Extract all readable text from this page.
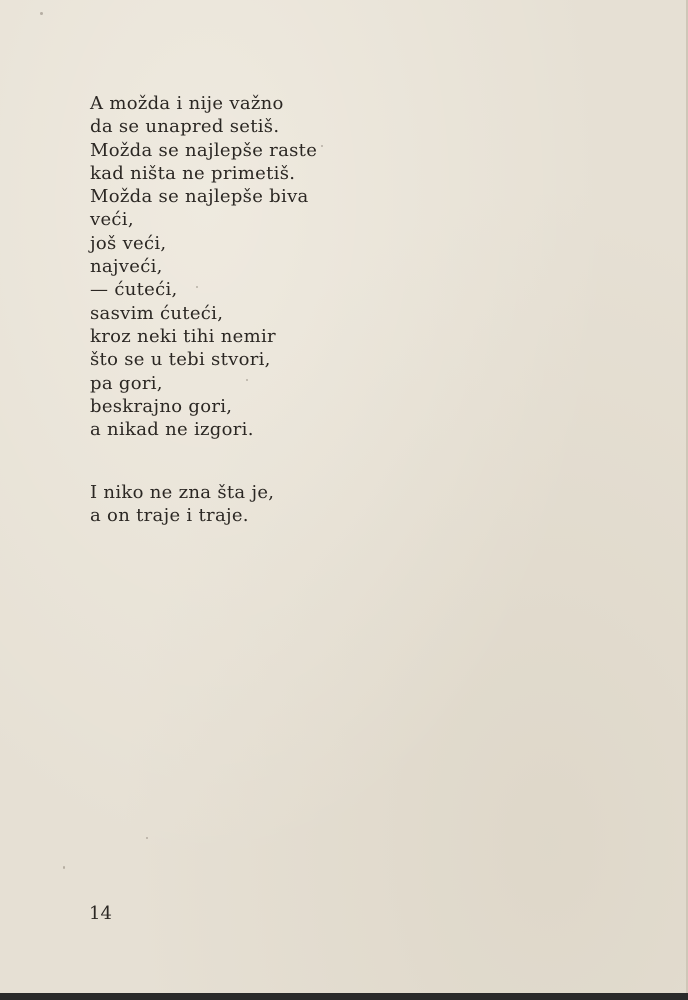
A možda i nije važno
da se unapred setiš.
Možda se najlepše raste
kad ništa ne primetiš.
Možda se najlepše biva
veći,
još veći,
najveći,
— ćuteći,
sasvim ćuteći,
kroz neki tihi nemir
što se u tebi stvori,
pa gori,
beskrajno gori,
a nikad ne izgori.
I niko ne zna šta je,
a on traje i traje.
14
